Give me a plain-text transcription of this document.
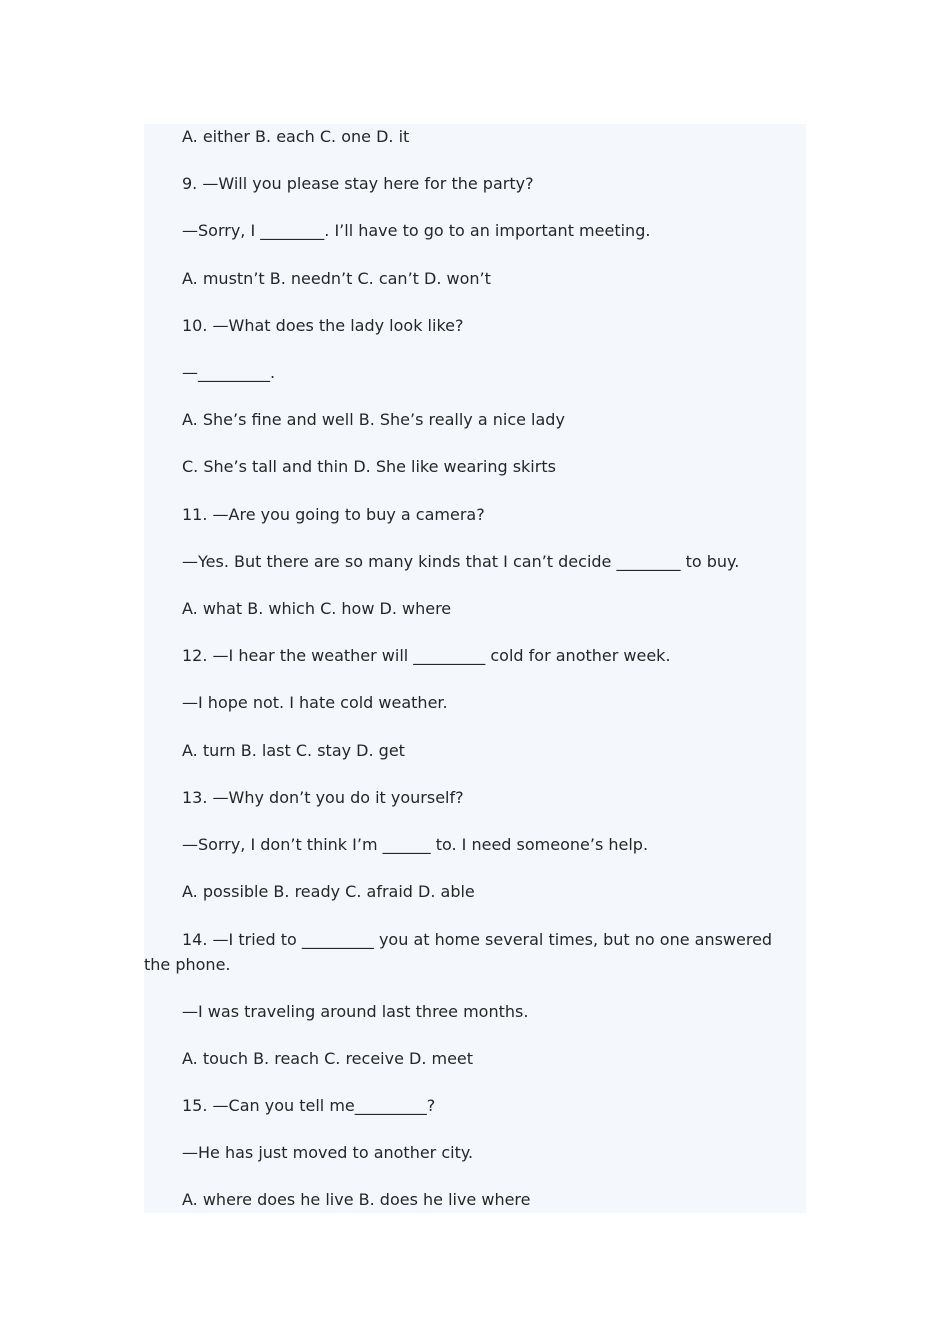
A. either B. each C. one D. it
9. —Will you please stay here for the party?
—Sorry, I ________. I’ll have to go to an important meeting.
A. mustn’t B. needn’t C. can’t D. won’t
10. —What does the lady look like?
—_________.
A. She’s fine and well B. She’s really a nice lady
C. She’s tall and thin D. She like wearing skirts
11. —Are you going to buy a camera?
—Yes. But there are so many kinds that I can’t decide ________ to buy.
A. what B. which C. how D. where
12. —I hear the weather will _________ cold for another week.
—I hope not. I hate cold weather.
A. turn B. last C. stay D. get
13. —Why don’t you do it yourself?
—Sorry, I don’t think I’m ______ to. I need someone’s help.
A. possible B. ready C. afraid D. able
14. —I tried to _________ you at home several times, but no one answered the phone.
—I was traveling around last three months.
A. touch B. reach C. receive D. meet
15. —Can you tell me_________?
—He has just moved to another city.
A. where does he live B. does he live where
